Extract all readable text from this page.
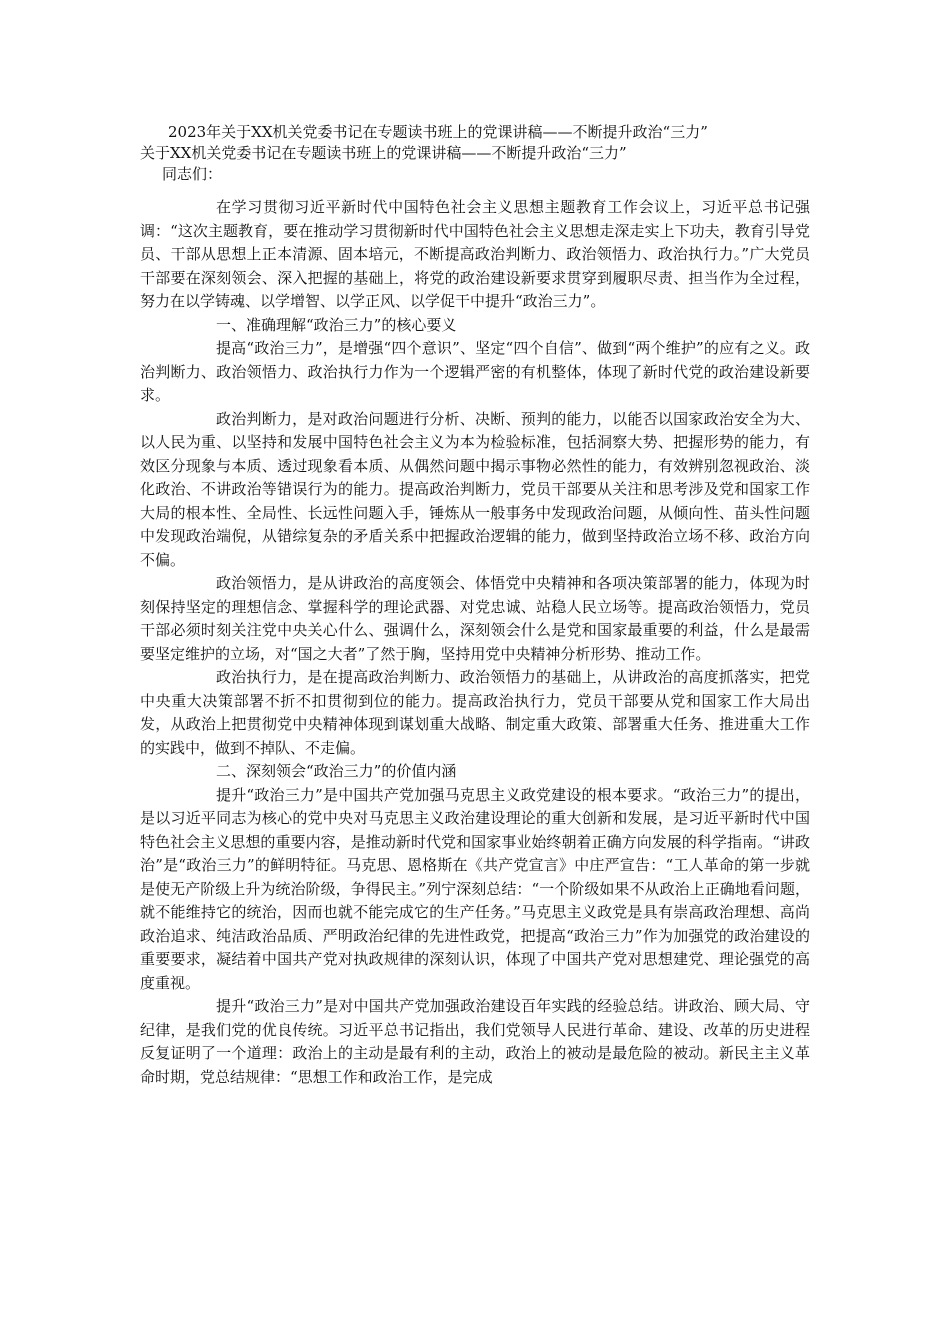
2023年关于XX机关党委书记在专题读书班上的党课讲稿——不断提升政治“三力”
关于XX机关党委书记在专题读书班上的党课讲稿——不断提升政治“三力”
同志们：

在学习贯彻习近平新时代中国特色社会主义思想主题教育工作会议上，习近平总书记强调：“这次主题教育，要在推动学习贯彻新时代中国特色社会主义思想走深走实上下功夫，教育引导党员、干部从思想上正本清源、固本培元，不断提高政治判断力、政治领悟力、政治执行力。”广大党员干部要在深刻领会、深入把握的基础上，将党的政治建设新要求贯穿到履职尽责、担当作为全过程，努力在以学铸魂、以学增智、以学正风、以学促干中提升“政治三力”。

一、准确理解“政治三力”的核心要义

提高“政治三力”，是增强“四个意识”、坚定“四个自信”、做到“两个维护”的应有之义。政治判断力、政治领悟力、政治执行力作为一个逻辑严密的有机整体，体现了新时代党的政治建设新要求。

政治判断力，是对政治问题进行分析、决断、预判的能力，以能否以国家政治安全为大、以人民为重、以坚持和发展中国特色社会主义为本为检验标准，包括洞察大势、把握形势的能力，有效区分现象与本质、透过现象看本质、从偶然问题中揭示事物必然性的能力，有效辨别忽视政治、淡化政治、不讲政治等错误行为的能力。提高政治判断力，党员干部要从关注和思考涉及党和国家工作大局的根本性、全局性、长远性问题入手，锤炼从一般事务中发现政治问题，从倾向性、苗头性问题中发现政治端倪，从错综复杂的矛盾关系中把握政治逻辑的能力，做到坚持政治立场不移、政治方向不偏。

政治领悟力，是从讲政治的高度领会、体悟党中央精神和各项决策部署的能力，体现为时刻保持坚定的理想信念、掌握科学的理论武器、对党忠诚、站稳人民立场等。提高政治领悟力，党员干部必须时刻关注党中央关心什么、强调什么，深刻领会什么是党和国家最重要的利益，什么是最需要坚定维护的立场，对“国之大者”了然于胸，坚持用党中央精神分析形势、推动工作。

政治执行力，是在提高政治判断力、政治领悟力的基础上，从讲政治的高度抓落实，把党中央重大决策部署不折不扣贯彻到位的能力。提高政治执行力，党员干部要从党和国家工作大局出发，从政治上把贯彻党中央精神体现到谋划重大战略、制定重大政策、部署重大任务、推进重大工作的实践中，做到不掉队、不走偏。

二、深刻领会“政治三力”的价值内涵

提升“政治三力”是中国共产党加强马克思主义政党建设的根本要求。“政治三力”的提出，是以习近平同志为核心的党中央对马克思主义政治建设理论的重大创新和发展，是习近平新时代中国特色社会主义思想的重要内容，是推动新时代党和国家事业始终朝着正确方向发展的科学指南。“讲政治”是“政治三力”的鲜明特征。马克思、恩格斯在《共产党宣言》中庄严宣告：“工人革命的第一步就是使无产阶级上升为统治阶级，争得民主。”列宁深刻总结：“一个阶级如果不从政治上正确地看问题，就不能维持它的统治，因而也就不能完成它的生产任务。”马克思主义政党是具有崇高政治理想、高尚政治追求、纯洁政治品质、严明政治纪律的先进性政党，把提高“政治三力”作为加强党的政治建设的重要要求，凝结着中国共产党对执政规律的深刻认识，体现了中国共产党对思想建党、理论强党的高度重视。

提升“政治三力”是对中国共产党加强政治建设百年实践的经验总结。讲政治、顾大局、守纪律，是我们党的优良传统。习近平总书记指出，我们党领导人民进行革命、建设、改革的历史进程反复证明了一个道理：政治上的主动是最有利的主动，政治上的被动是最危险的被动。新民主主义革命时期，党总结规律：“思想工作和政治工作，是完成
